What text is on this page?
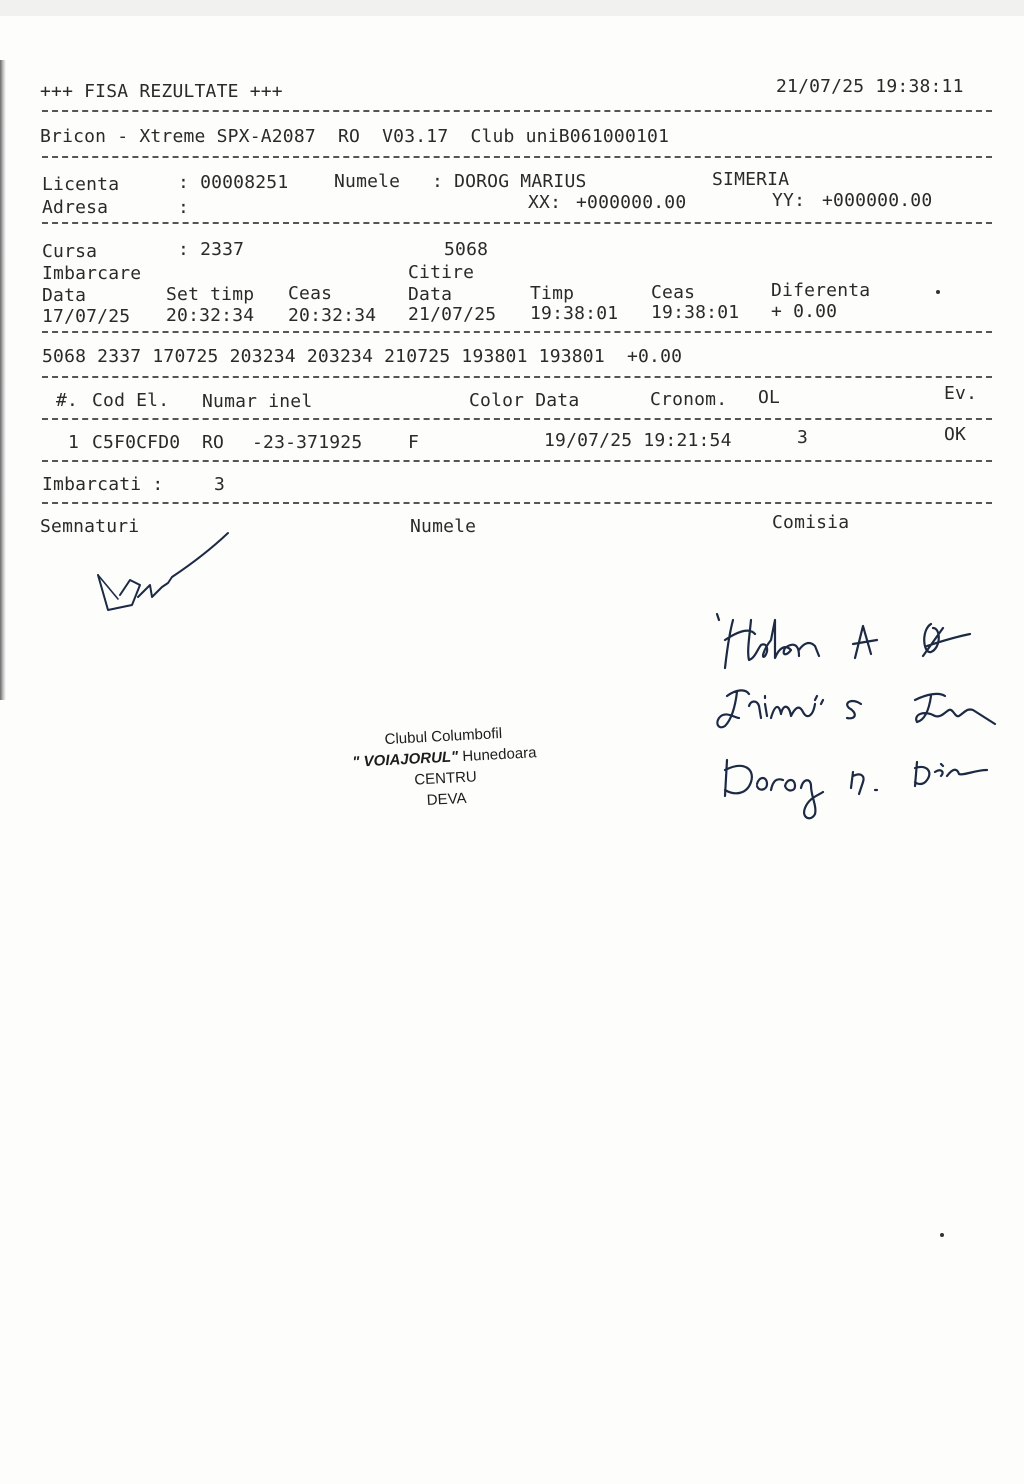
+++ FISA REZULTATE +++	21/07/25 19:38:11
Bricon - Xtreme SPX-A2087  RO  V03.17  Club uniB061000101
Licenta	: 00008251	Numele : DOROG MARIUS	SIMERIA
Adresa	:	XX: +000000.00	YY: +000000.00
Cursa	: 2337	5068
Imbarcare	Citire
Data	Set timp Ceas	Data	Timp	Ceas	Diferenta
17/07/25 20:32:34 20:32:34 21/07/25 19:38:01 19:38:01 + 0.00
5068 2337 170725 203234 203234 210725 193801 193801  +0.00
#. Cod El. Numar inel	Color Data	Cronom. OL	Ev.
1 C5F0CFD0 RO -23-371925	F	19/07/25 19:21:54	3	OK
Imbarcati :	3
Semnaturi	Numele	Comisia
Clubul Columbofil
" VOIAJORUL" Hunedoara
CENTRU
DEVA
